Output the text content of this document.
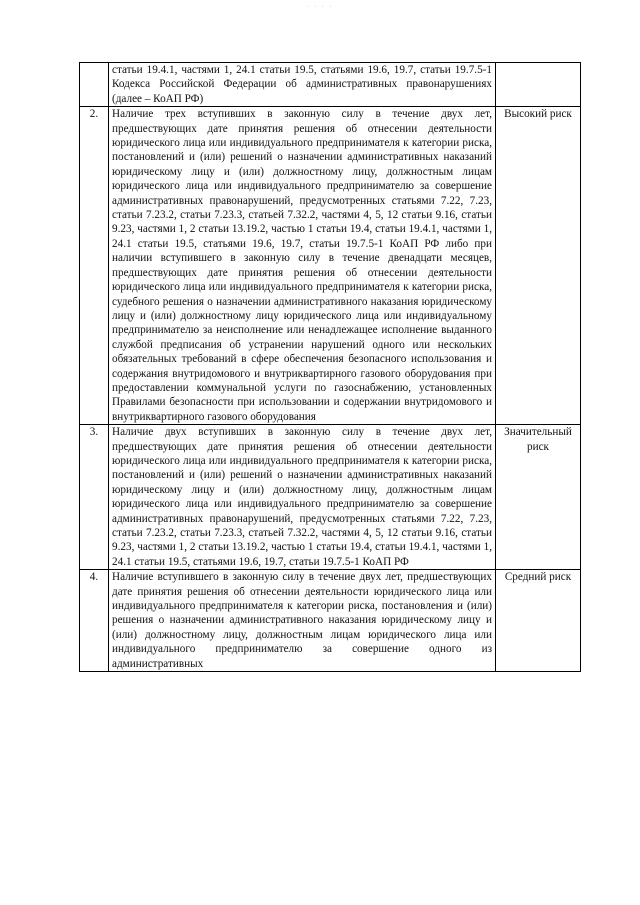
· · · ·
	статьи 19.4.1, частями 1, 24.1 статьи 19.5, статьями 19.6, 19.7, статьи 19.7.5-1 Кодекса Российской Федерации об административных правонарушениях (далее – КоАП РФ)	
2.	Наличие трех вступивших в законную силу в течение двух лет, предшествующих дате принятия решения об отнесении деятельности юридического лица или индивидуального предпринимателя к категории риска, постановлений и (или) решений о назначении административных наказаний юридическому лицу и (или) должностному лицу, должностным лицам юридического лица или индивидуального предпринимателю за совершение административных правонарушений, предусмотренных статьями 7.22, 7.23, статьи 7.23.2, статьи 7.23.3, статьей 7.32.2, частями 4, 5, 12 статьи 9.16, статьи 9.23, частями 1, 2 статьи 13.19.2, частью 1 статьи 19.4, статьи 19.4.1, частями 1, 24.1 статьи 19.5, статьями 19.6, 19.7, статьи 19.7.5-1 КоАП РФ либо при наличии вступившего в законную силу в течение двенадцати месяцев, предшествующих дате принятия решения об отнесении деятельности юридического лица или индивидуального предпринимателя к категории риска, судебного решения о назначении административного наказания юридическому лицу и (или) должностному лицу юридического лица или индивидуальному предпринимателю за неисполнение или ненадлежащее исполнение выданного службой предписания об устранении нарушений одного или нескольких обязательных требований в сфере обеспечения безопасного использования и содержания внутридомового и внутриквартирного газового оборудования при предоставлении коммунальной услуги по газоснабжению, установленных Правилами безопасности при использовании и содержании внутридомового и внутриквартирного газового оборудования	Высокий риск
3.	Наличие двух вступивших в законную силу в течение двух лет, предшествующих дате принятия решения об отнесении деятельности юридического лица или индивидуального предпринимателя к категории риска, постановлений и (или) решений о назначении административных наказаний юридическому лицу и (или) должностному лицу, должностным лицам юридического лица или индивидуального предпринимателю за совершение административных правонарушений, предусмотренных статьями 7.22, 7.23, статьи 7.23.2, статьи 7.23.3, статьей 7.32.2, частями 4, 5, 12 статьи 9.16, статьи 9.23, частями 1, 2 статьи 13.19.2, частью 1 статьи 19.4, статьи 19.4.1, частями 1, 24.1 статьи 19.5, статьями 19.6, 19.7, статьи 19.7.5-1 КоАП РФ	Значительный риск
4.	Наличие вступившего в законную силу в течение двух лет, предшествующих дате принятия решения об отнесении деятельности юридического лица или индивидуального предпринимателя к категории риска, постановления и (или) решения о назначении административного наказания юридическому лицу и (или) должностному лицу, должностным лицам юридического лица или индивидуального предпринимателю за совершение одного из административных	Средний риск
